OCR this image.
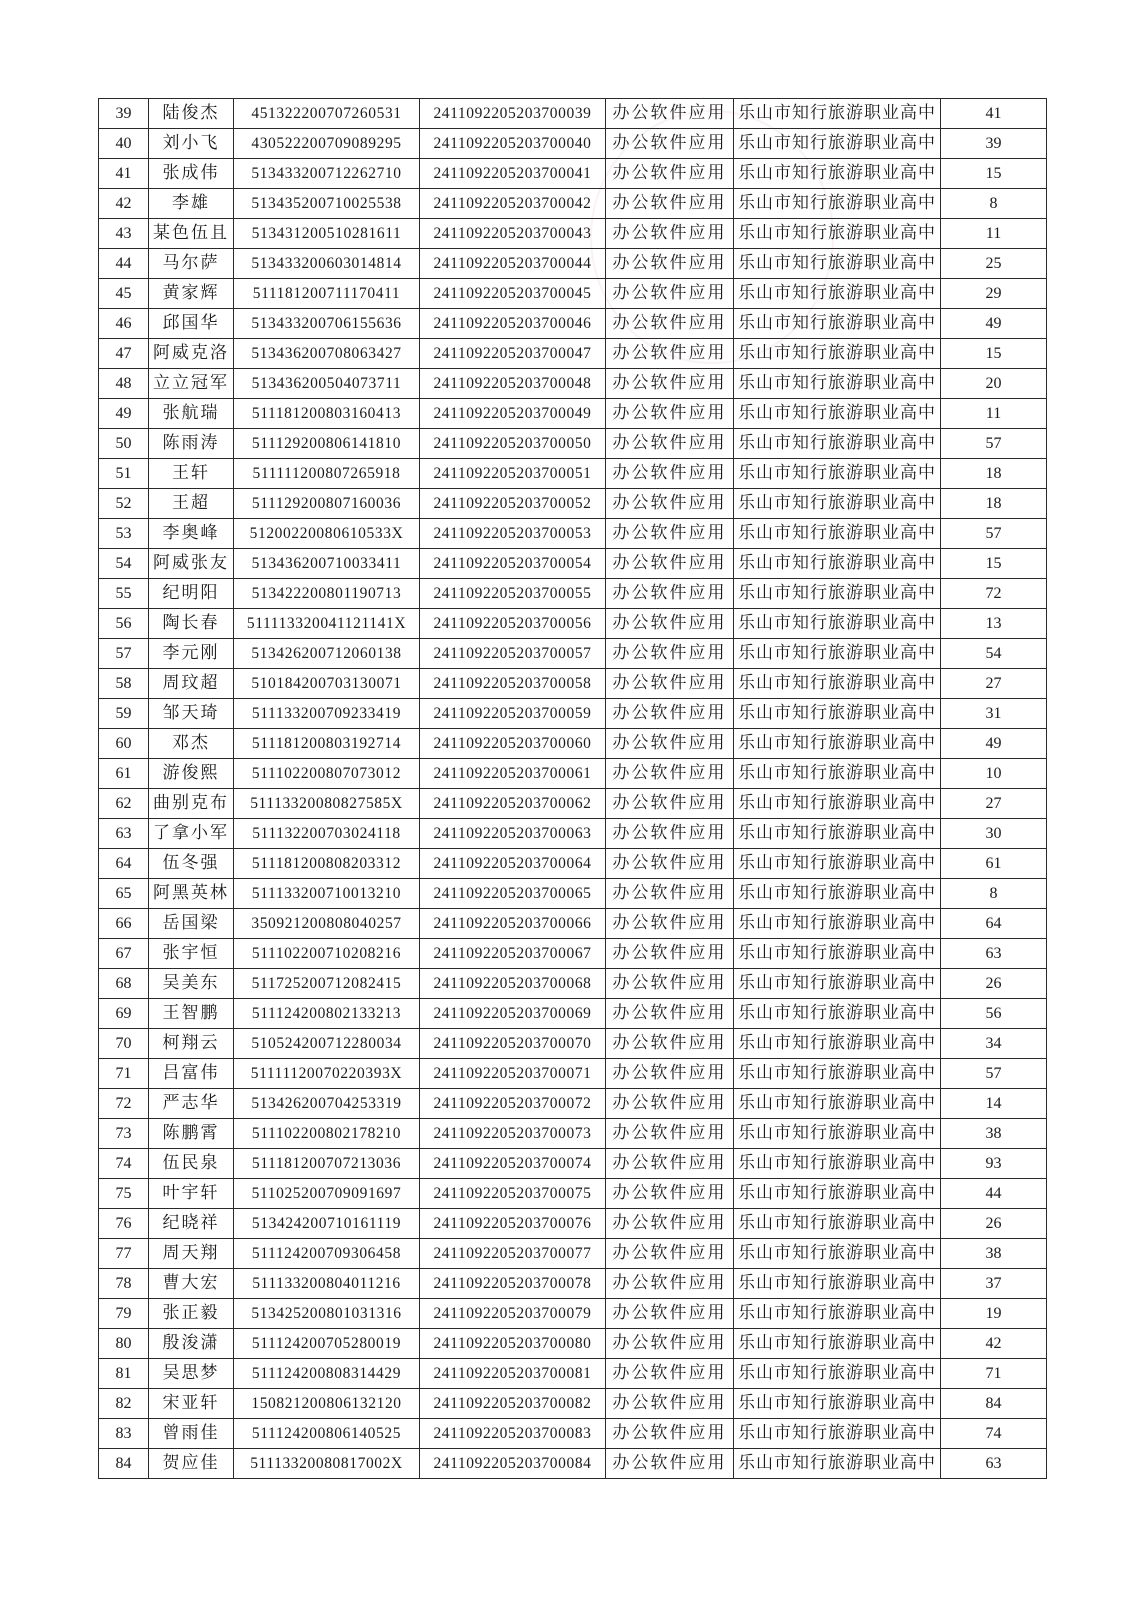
39	陆俊杰	451322200707260531	2411092205203700039	办公软件应用	乐山市知行旅游职业高中	41
40	刘小飞	430522200709089295	2411092205203700040	办公软件应用	乐山市知行旅游职业高中	39
41	张成伟	513433200712262710	2411092205203700041	办公软件应用	乐山市知行旅游职业高中	15
42	李雄	513435200710025538	2411092205203700042	办公软件应用	乐山市知行旅游职业高中	8
43	某色伍且	513431200510281611	2411092205203700043	办公软件应用	乐山市知行旅游职业高中	11
44	马尔萨	513433200603014814	2411092205203700044	办公软件应用	乐山市知行旅游职业高中	25
45	黄家辉	511181200711170411	2411092205203700045	办公软件应用	乐山市知行旅游职业高中	29
46	邱国华	513433200706155636	2411092205203700046	办公软件应用	乐山市知行旅游职业高中	49
47	阿威克洛	513436200708063427	2411092205203700047	办公软件应用	乐山市知行旅游职业高中	15
48	立立冠军	513436200504073711	2411092205203700048	办公软件应用	乐山市知行旅游职业高中	20
49	张航瑞	511181200803160413	2411092205203700049	办公软件应用	乐山市知行旅游职业高中	11
50	陈雨涛	511129200806141810	2411092205203700050	办公软件应用	乐山市知行旅游职业高中	57
51	王轩	511111200807265918	2411092205203700051	办公软件应用	乐山市知行旅游职业高中	18
52	王超	511129200807160036	2411092205203700052	办公软件应用	乐山市知行旅游职业高中	18
53	李奥峰	51200220080610533X	2411092205203700053	办公软件应用	乐山市知行旅游职业高中	57
54	阿威张友	513436200710033411	2411092205203700054	办公软件应用	乐山市知行旅游职业高中	15
55	纪明阳	513422200801190713	2411092205203700055	办公软件应用	乐山市知行旅游职业高中	72
56	陶长春	511113320041121141X	2411092205203700056	办公软件应用	乐山市知行旅游职业高中	13
57	李元刚	513426200712060138	2411092205203700057	办公软件应用	乐山市知行旅游职业高中	54
58	周玟超	510184200703130071	2411092205203700058	办公软件应用	乐山市知行旅游职业高中	27
59	邹天琦	511133200709233419	2411092205203700059	办公软件应用	乐山市知行旅游职业高中	31
60	邓杰	511181200803192714	2411092205203700060	办公软件应用	乐山市知行旅游职业高中	49
61	游俊熙	511102200807073012	2411092205203700061	办公软件应用	乐山市知行旅游职业高中	10
62	曲别克布	51113320080827585X	2411092205203700062	办公软件应用	乐山市知行旅游职业高中	27
63	了拿小军	511132200703024118	2411092205203700063	办公软件应用	乐山市知行旅游职业高中	30
64	伍冬强	511181200808203312	2411092205203700064	办公软件应用	乐山市知行旅游职业高中	61
65	阿黑英林	511133200710013210	2411092205203700065	办公软件应用	乐山市知行旅游职业高中	8
66	岳国梁	350921200808040257	2411092205203700066	办公软件应用	乐山市知行旅游职业高中	64
67	张宇恒	511102200710208216	2411092205203700067	办公软件应用	乐山市知行旅游职业高中	63
68	吴美东	511725200712082415	2411092205203700068	办公软件应用	乐山市知行旅游职业高中	26
69	王智鹏	511124200802133213	2411092205203700069	办公软件应用	乐山市知行旅游职业高中	56
70	柯翔云	510524200712280034	2411092205203700070	办公软件应用	乐山市知行旅游职业高中	34
71	吕富伟	51111120070220393X	2411092205203700071	办公软件应用	乐山市知行旅游职业高中	57
72	严志华	513426200704253319	2411092205203700072	办公软件应用	乐山市知行旅游职业高中	14
73	陈鹏霄	511102200802178210	2411092205203700073	办公软件应用	乐山市知行旅游职业高中	38
74	伍民泉	511181200707213036	2411092205203700074	办公软件应用	乐山市知行旅游职业高中	93
75	叶宇轩	511025200709091697	2411092205203700075	办公软件应用	乐山市知行旅游职业高中	44
76	纪晓祥	513424200710161119	2411092205203700076	办公软件应用	乐山市知行旅游职业高中	26
77	周天翔	511124200709306458	2411092205203700077	办公软件应用	乐山市知行旅游职业高中	38
78	曹大宏	511133200804011216	2411092205203700078	办公软件应用	乐山市知行旅游职业高中	37
79	张正毅	513425200801031316	2411092205203700079	办公软件应用	乐山市知行旅游职业高中	19
80	殷浚潇	511124200705280019	2411092205203700080	办公软件应用	乐山市知行旅游职业高中	42
81	吴思梦	511124200808314429	2411092205203700081	办公软件应用	乐山市知行旅游职业高中	71
82	宋亚轩	150821200806132120	2411092205203700082	办公软件应用	乐山市知行旅游职业高中	84
83	曾雨佳	511124200806140525	2411092205203700083	办公软件应用	乐山市知行旅游职业高中	74
84	贺应佳	51113320080817002X	2411092205203700084	办公软件应用	乐山市知行旅游职业高中	63
